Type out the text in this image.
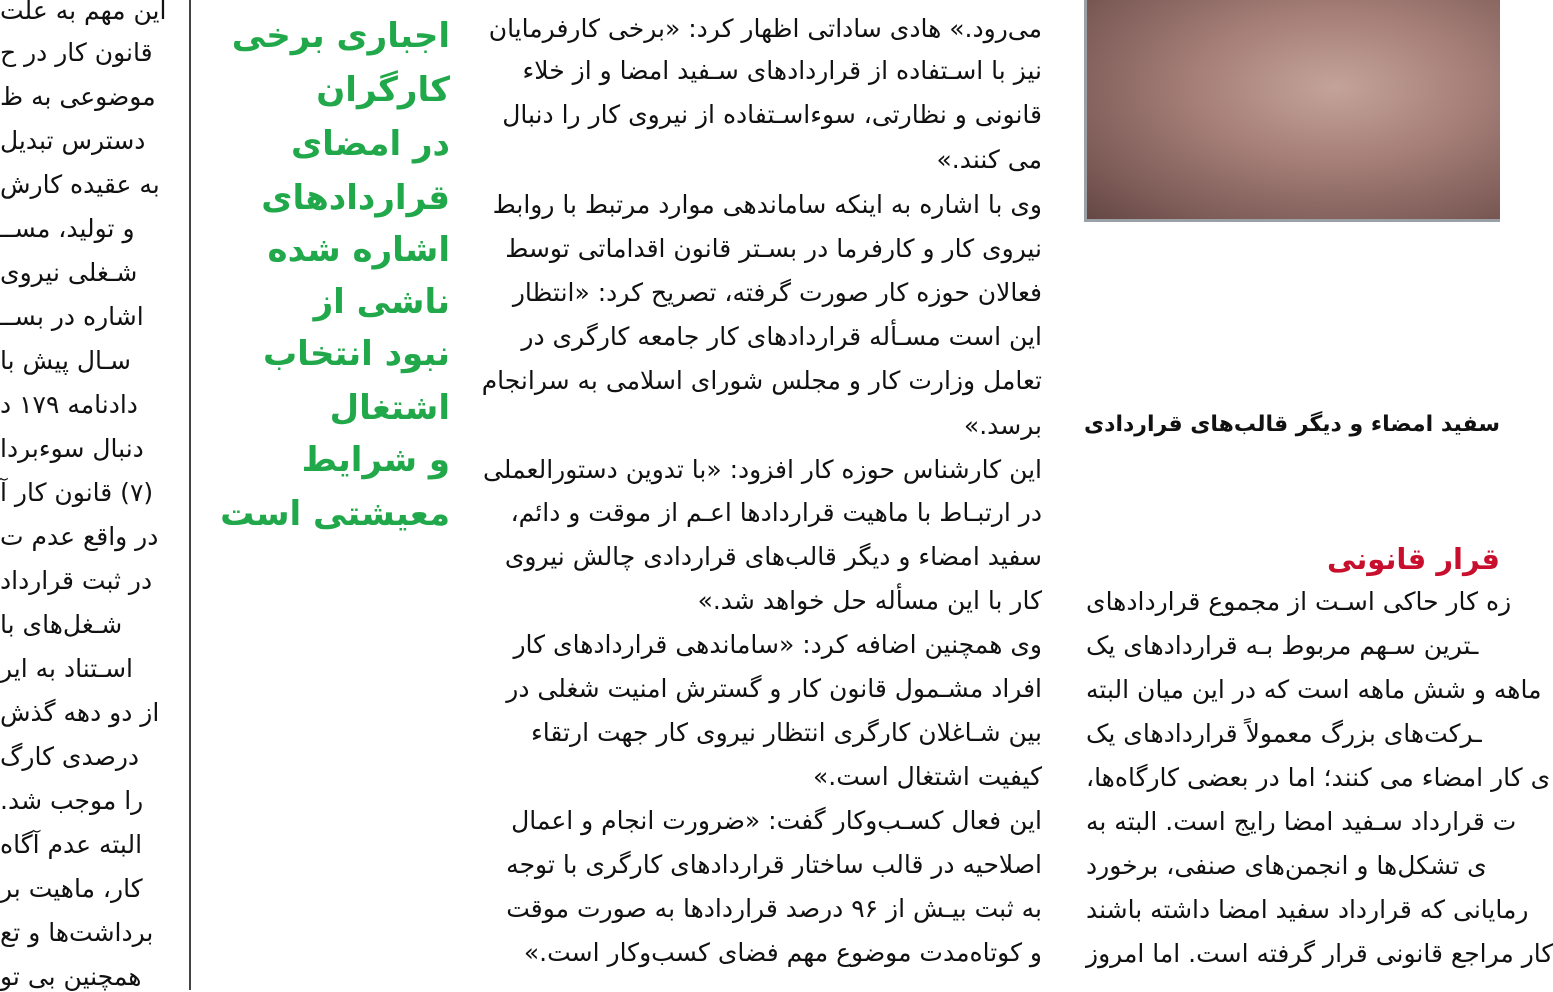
این مهم به علت
قانون کار در ح
موضوعی به ظ
دسترس تبدیل
به عقیده کارش
و تولید، مســ
شـغلی نیروی
اشاره در بســ
سـال پیش با
دادنامه ۱۷۹ د
دنبال سوءبردا
(۷) قانون کار آ
در واقع عدم ت
در ثبت قرارداد
شـغل‌های با
اسـتناد به ایر
از دو دهه گذش
درصدی کارگ
را موجب شد.
البته عدم آگاه
کار، ماهیت بر
برداشت‌ها و تع
همچنین بی تو
اجباری برخی
کارگران
در امضای
قراردادهای
اشاره شده
ناشی از
نبود انتخاب
اشتغال
و شرایط
معیشتی است
می‌رود.» هادی ساداتی اظهار کرد: «برخی کارفرمایان
نیز با اسـتفاده از قراردادهای سـفید امضا و از خلاء
قانونی و نظارتی، سوءاسـتفاده از نیروی کار را دنبال
می کنند.»
وی با اشاره به اینکه ساماندهی موارد مرتبط با روابط
نیروی کار و کارفرما در بسـتر قانون اقداماتی توسط
فعالان حوزه کار صورت گرفته، تصریح کرد: «انتظار
این است مسـأله قراردادهای کار جامعه کارگری در
تعامل وزارت کار و مجلس شورای اسلامی به سرانجام
برسد.»
این کارشناس حوزه کار افزود: «با تدوین دستورالعملی
در ارتبـاط با ماهیت قراردادها اعـم از موقت و دائم،
سفید امضاء و دیگر قالب‌های قراردادی چالش نیروی
کار با این مسأله حل خواهد شد.»
وی همچنین اضافه کرد: «ساماندهی قراردادهای کار
افراد مشـمول قانون کار و گسترش امنیت شغلی در
بین شـاغلان کارگری انتظار نیروی کار جهت ارتقاء
کیفیت اشتغال است.»
این فعال کسـب‌وکار گفت: «ضرورت انجام و اعمال
اصلاحیه در قالب ساختار قراردادهای کارگری با توجه
به ثبت بیـش از ۹۶ درصد قراردادها به صورت موقت
و کوتاه‌مدت موضوع مهم فضای کسب‌وکار است.»
سفید امضاء و دیگر قالب‌های قراردادی
قرار قانونی
زه کار حاکی اسـت از مجموع قراردادهای
ـترین سـهم مربوط بـه قراردادهای یک
ماهه و شش ماهه است که در این میان البته
ـرکت‌های بزرگ معمولاً قراردادهای یک
ی کار امضاء می کنند؛ اما در بعضی کارگاه‌ها،
ت قرارداد سـفید امضا رایج است. البته به
ی تشکل‌ها و انجمن‌های صنفی، برخورد
رمایانی که قرارداد سفید امضا داشته باشند
کار مراجع قانونی قرار گرفته است. اما امروز
